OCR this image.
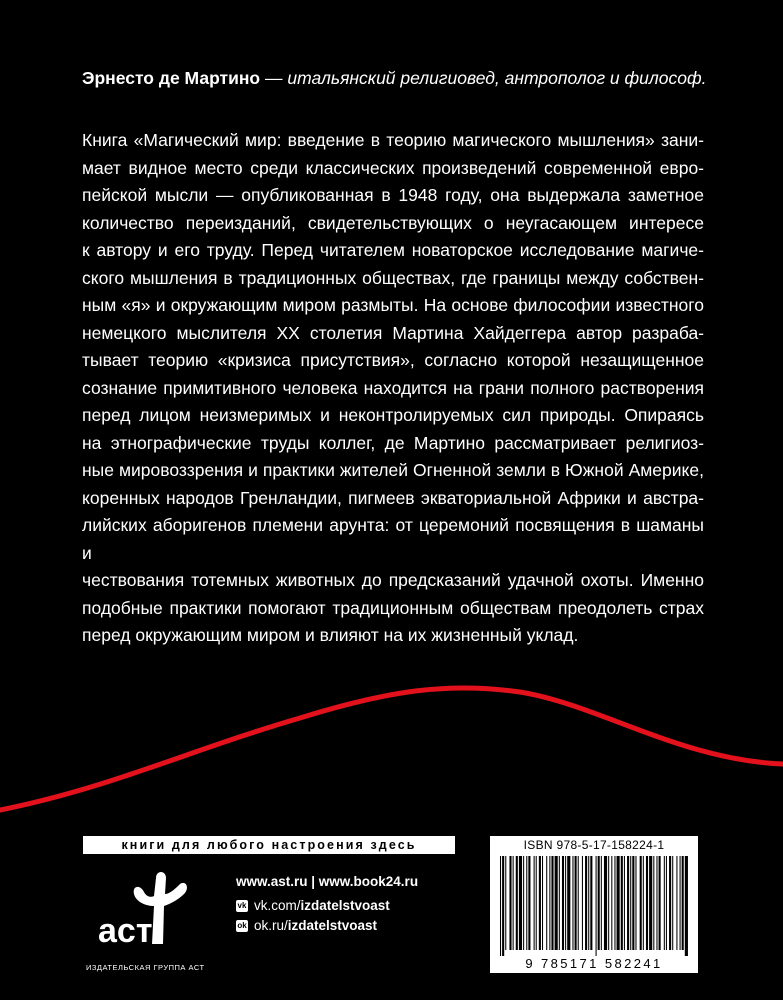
Эрнесто де Мартино — итальянский религиовед, антрополог и философ.

Книга «Магический мир: введение в теорию магического мышления» зани-

мает видное место среди классических произведений современной евро-

пейской мысли — опубликованная в 1948 году, она выдержала заметное

количество переизданий, свидетельствующих о неугасающем интересе

к автору и его труду. Перед читателем новаторское исследование магиче-

ского мышления в традиционных обществах, где границы между собствен-

ным «я» и окружающим миром размыты. На основе философии известного

немецкого мыслителя XX столетия Мартина Хайдеггера автор разраба-

тывает теорию «кризиса присутствия», согласно которой незащищенное

сознание примитивного человека находится на грани полного растворения

перед лицом неизмеримых и неконтролируемых сил природы. Опираясь

на этнографические труды коллег, де Мартино рассматривает религиоз-

ные мировоззрения и практики жителей Огненной земли в Южной Америке,

коренных народов Гренландии, пигмеев экваториальной Африки и австра-

лийских аборигенов племени арунта: от церемоний посвящения в шаманы и

чествования тотемных животных до предсказаний удачной охоты. Именно

подобные практики помогают традиционным обществам преодолеть страх

перед окружающим миром и влияют на их жизненный уклад.

книги для любого настроения здесь
аст
ИЗДАТЕЛЬСКАЯ ГРУППА АСТ
www.ast.ru | www.book24.ru
vk vk.com/ izdatelstvoast
ok ok.ru/ izdatelstvoast
ISBN 978-5-17-158224-1
9 785171 582241
